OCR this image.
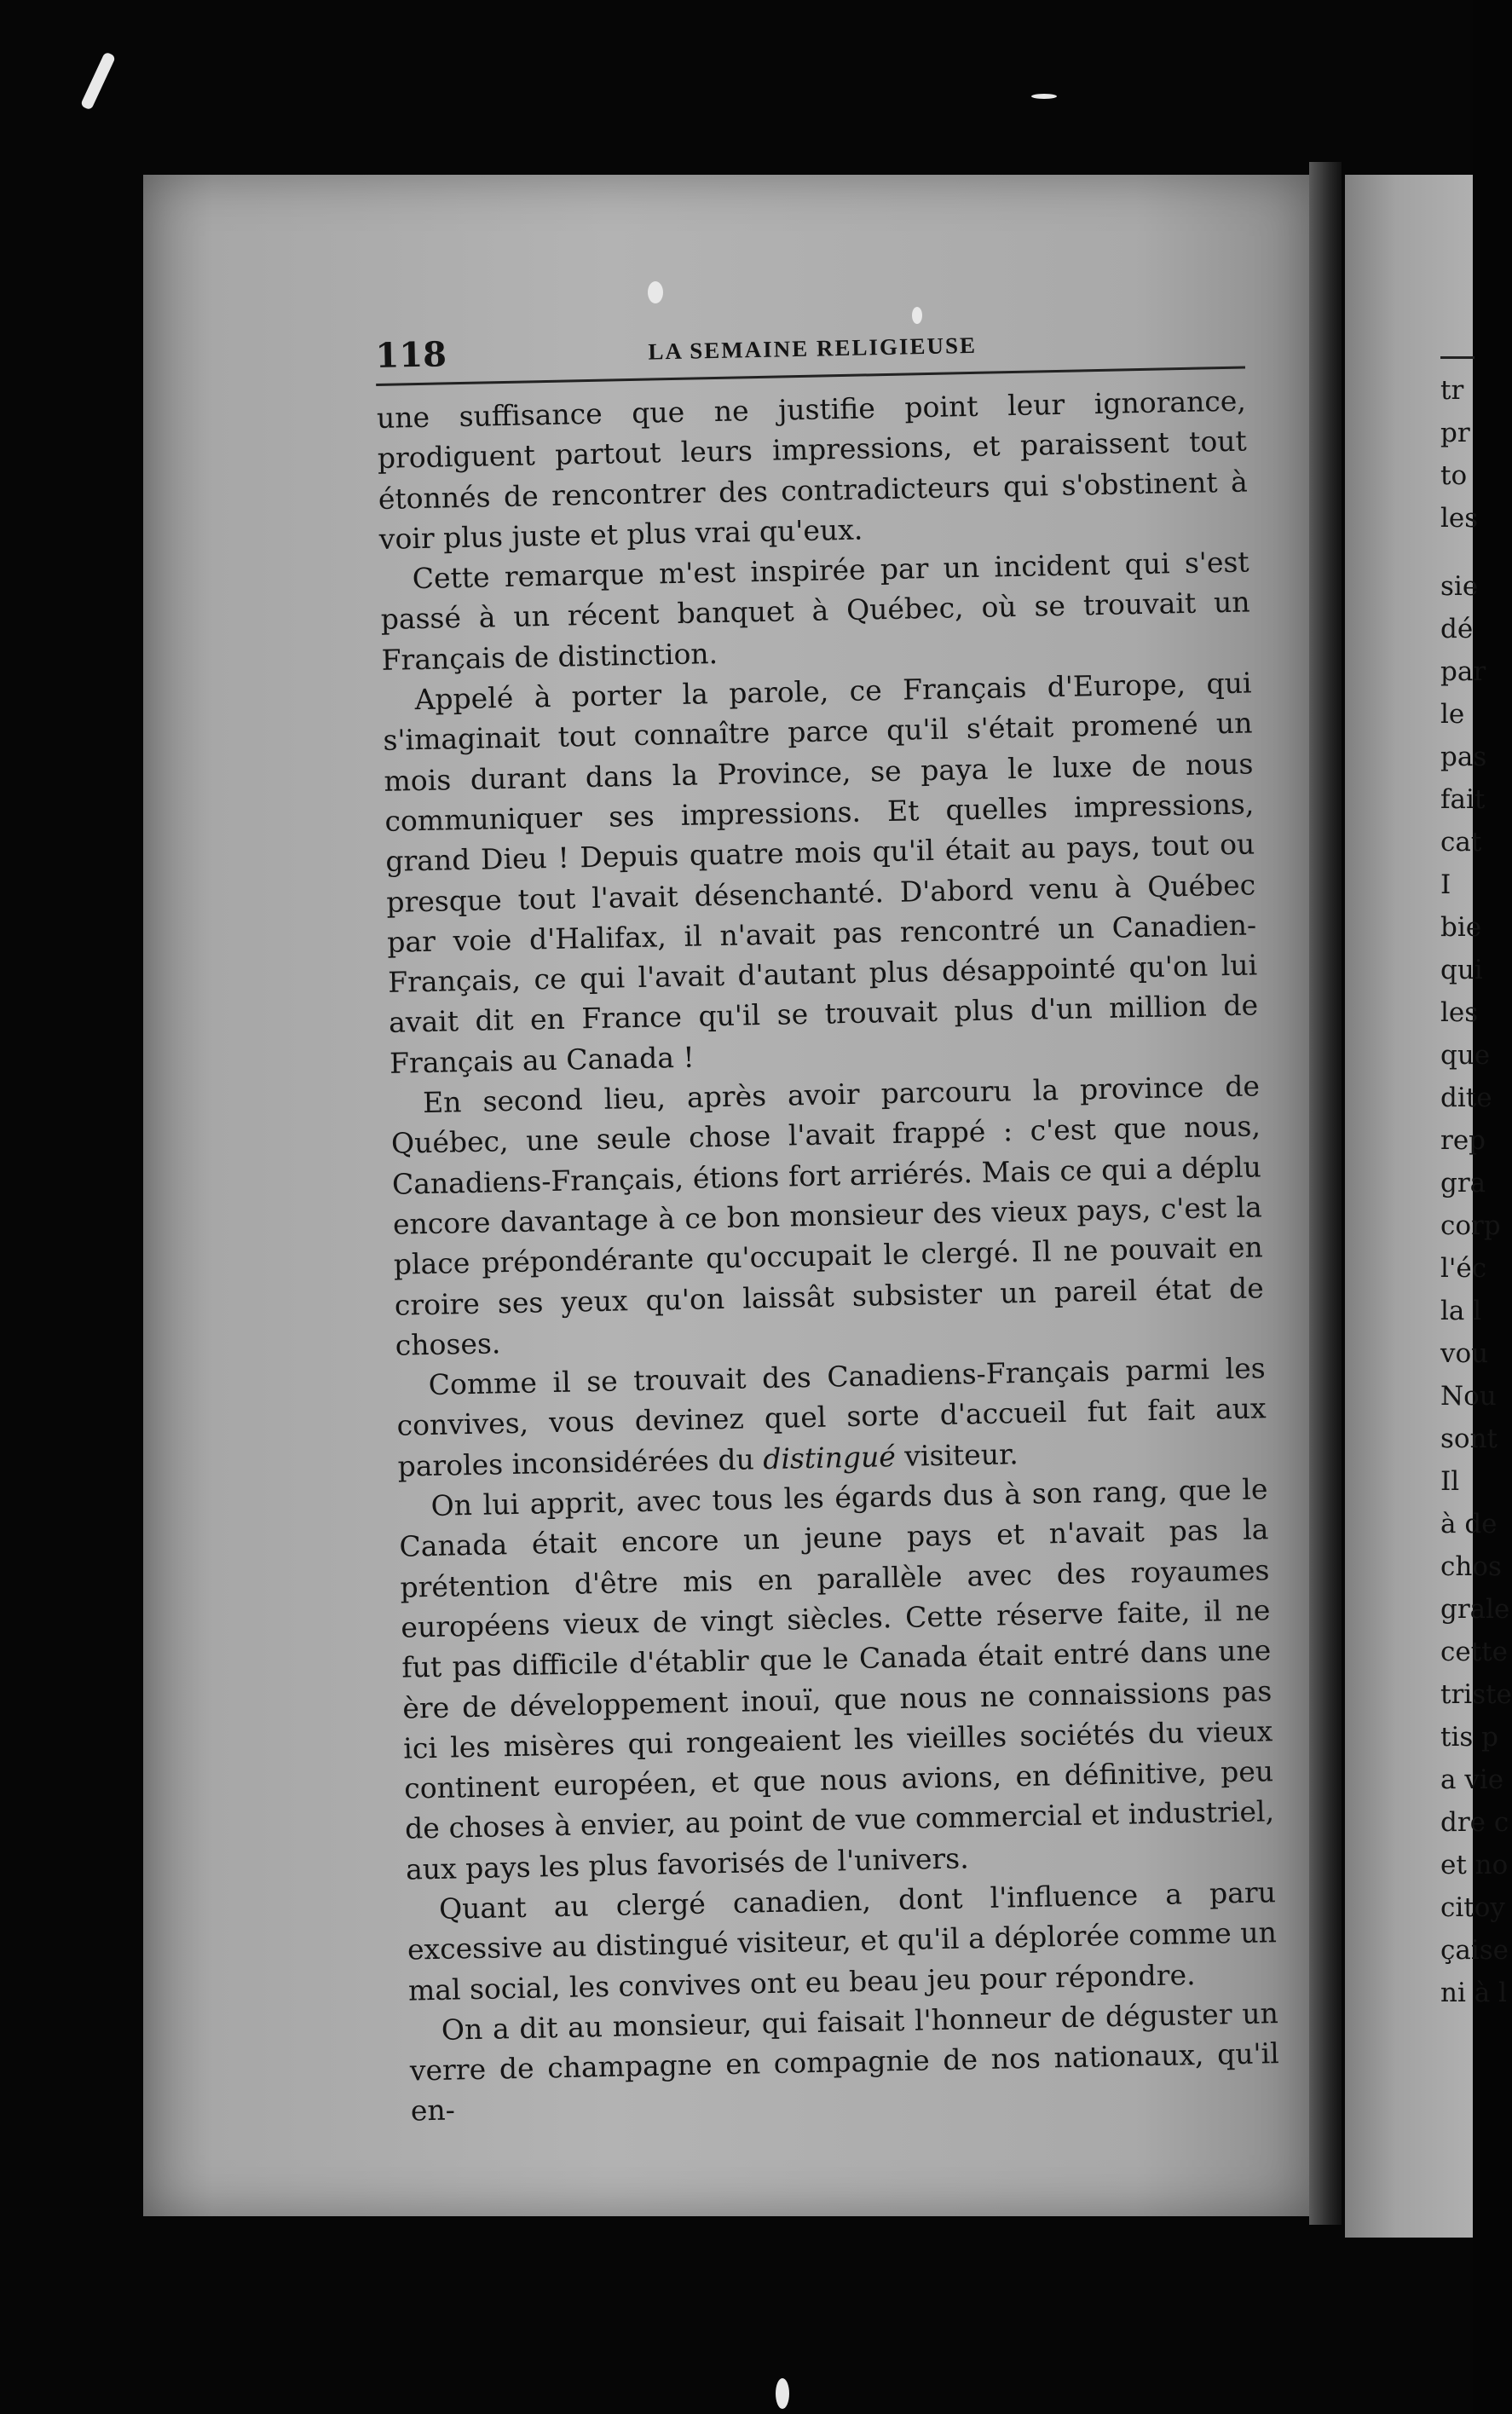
118	LA SEMAINE RELIGIEUSE

une suffisance que ne justifie point leur ignorance, prodiguent partout leurs impressions, et paraissent tout étonnés de rencontrer des contradicteurs qui s'obstinent à voir plus juste et plus vrai qu'eux.

Cette remarque m'est inspirée par un incident qui s'est passé à un récent banquet à Québec, où se trouvait un Français de distinction.

Appelé à porter la parole, ce Français d'Europe, qui s'imaginait tout connaître parce qu'il s'était promené un mois durant dans la Province, se paya le luxe de nous communiquer ses impressions. Et quelles impressions, grand Dieu ! Depuis quatre mois qu'il était au pays, tout ou presque tout l'avait désenchanté. D'abord venu à Québec par voie d'Halifax, il n'avait pas rencontré un Canadien-Français, ce qui l'avait d'autant plus désappointé qu'on lui avait dit en France qu'il se trouvait plus d'un million de Français au Canada !

En second lieu, après avoir parcouru la province de Québec, une seule chose l'avait frappé : c'est que nous, Canadiens-Français, étions fort arriérés. Mais ce qui a déplu encore davantage à ce bon monsieur des vieux pays, c'est la place prépondérante qu'occupait le clergé. Il ne pouvait en croire ses yeux qu'on laissât subsister un pareil état de choses.

Comme il se trouvait des Canadiens-Français parmi les convives, vous devinez quel sorte d'accueil fut fait aux paroles inconsidérées du distingué visiteur.

On lui apprit, avec tous les égards dus à son rang, que le Canada était encore un jeune pays et n'avait pas la prétention d'être mis en parallèle avec des royaumes européens vieux de vingt siècles. Cette réserve faite, il ne fut pas difficile d'établir que le Canada était entré dans une ère de développement inouï, que nous ne connaissions pas ici les misères qui rongeaient les vieilles sociétés du vieux continent européen, et que nous avions, en définitive, peu de choses à envier, au point de vue commercial et industriel, aux pays les plus favorisés de l'univers.

Quant au clergé canadien, dont l'influence a paru excessive au distingué visiteur, et qu'il a déplorée comme un mal social, les convives ont eu beau jeu pour répondre.

On a dit au monsieur, qui faisait l'honneur de déguster un verre de champagne en compagnie de nos nationaux, qu'il en-

tr
pr
to
les
sie
dé
par
le
pas
fait
cat
I
bie
qui
les
que
dite
rep
gra
corp
l'éc
la l
vou
Nou
sont
Il
à de
chos
grale
cette
triste
tis p
a vie
dre c
et no
citoy
çaise
ni à l
